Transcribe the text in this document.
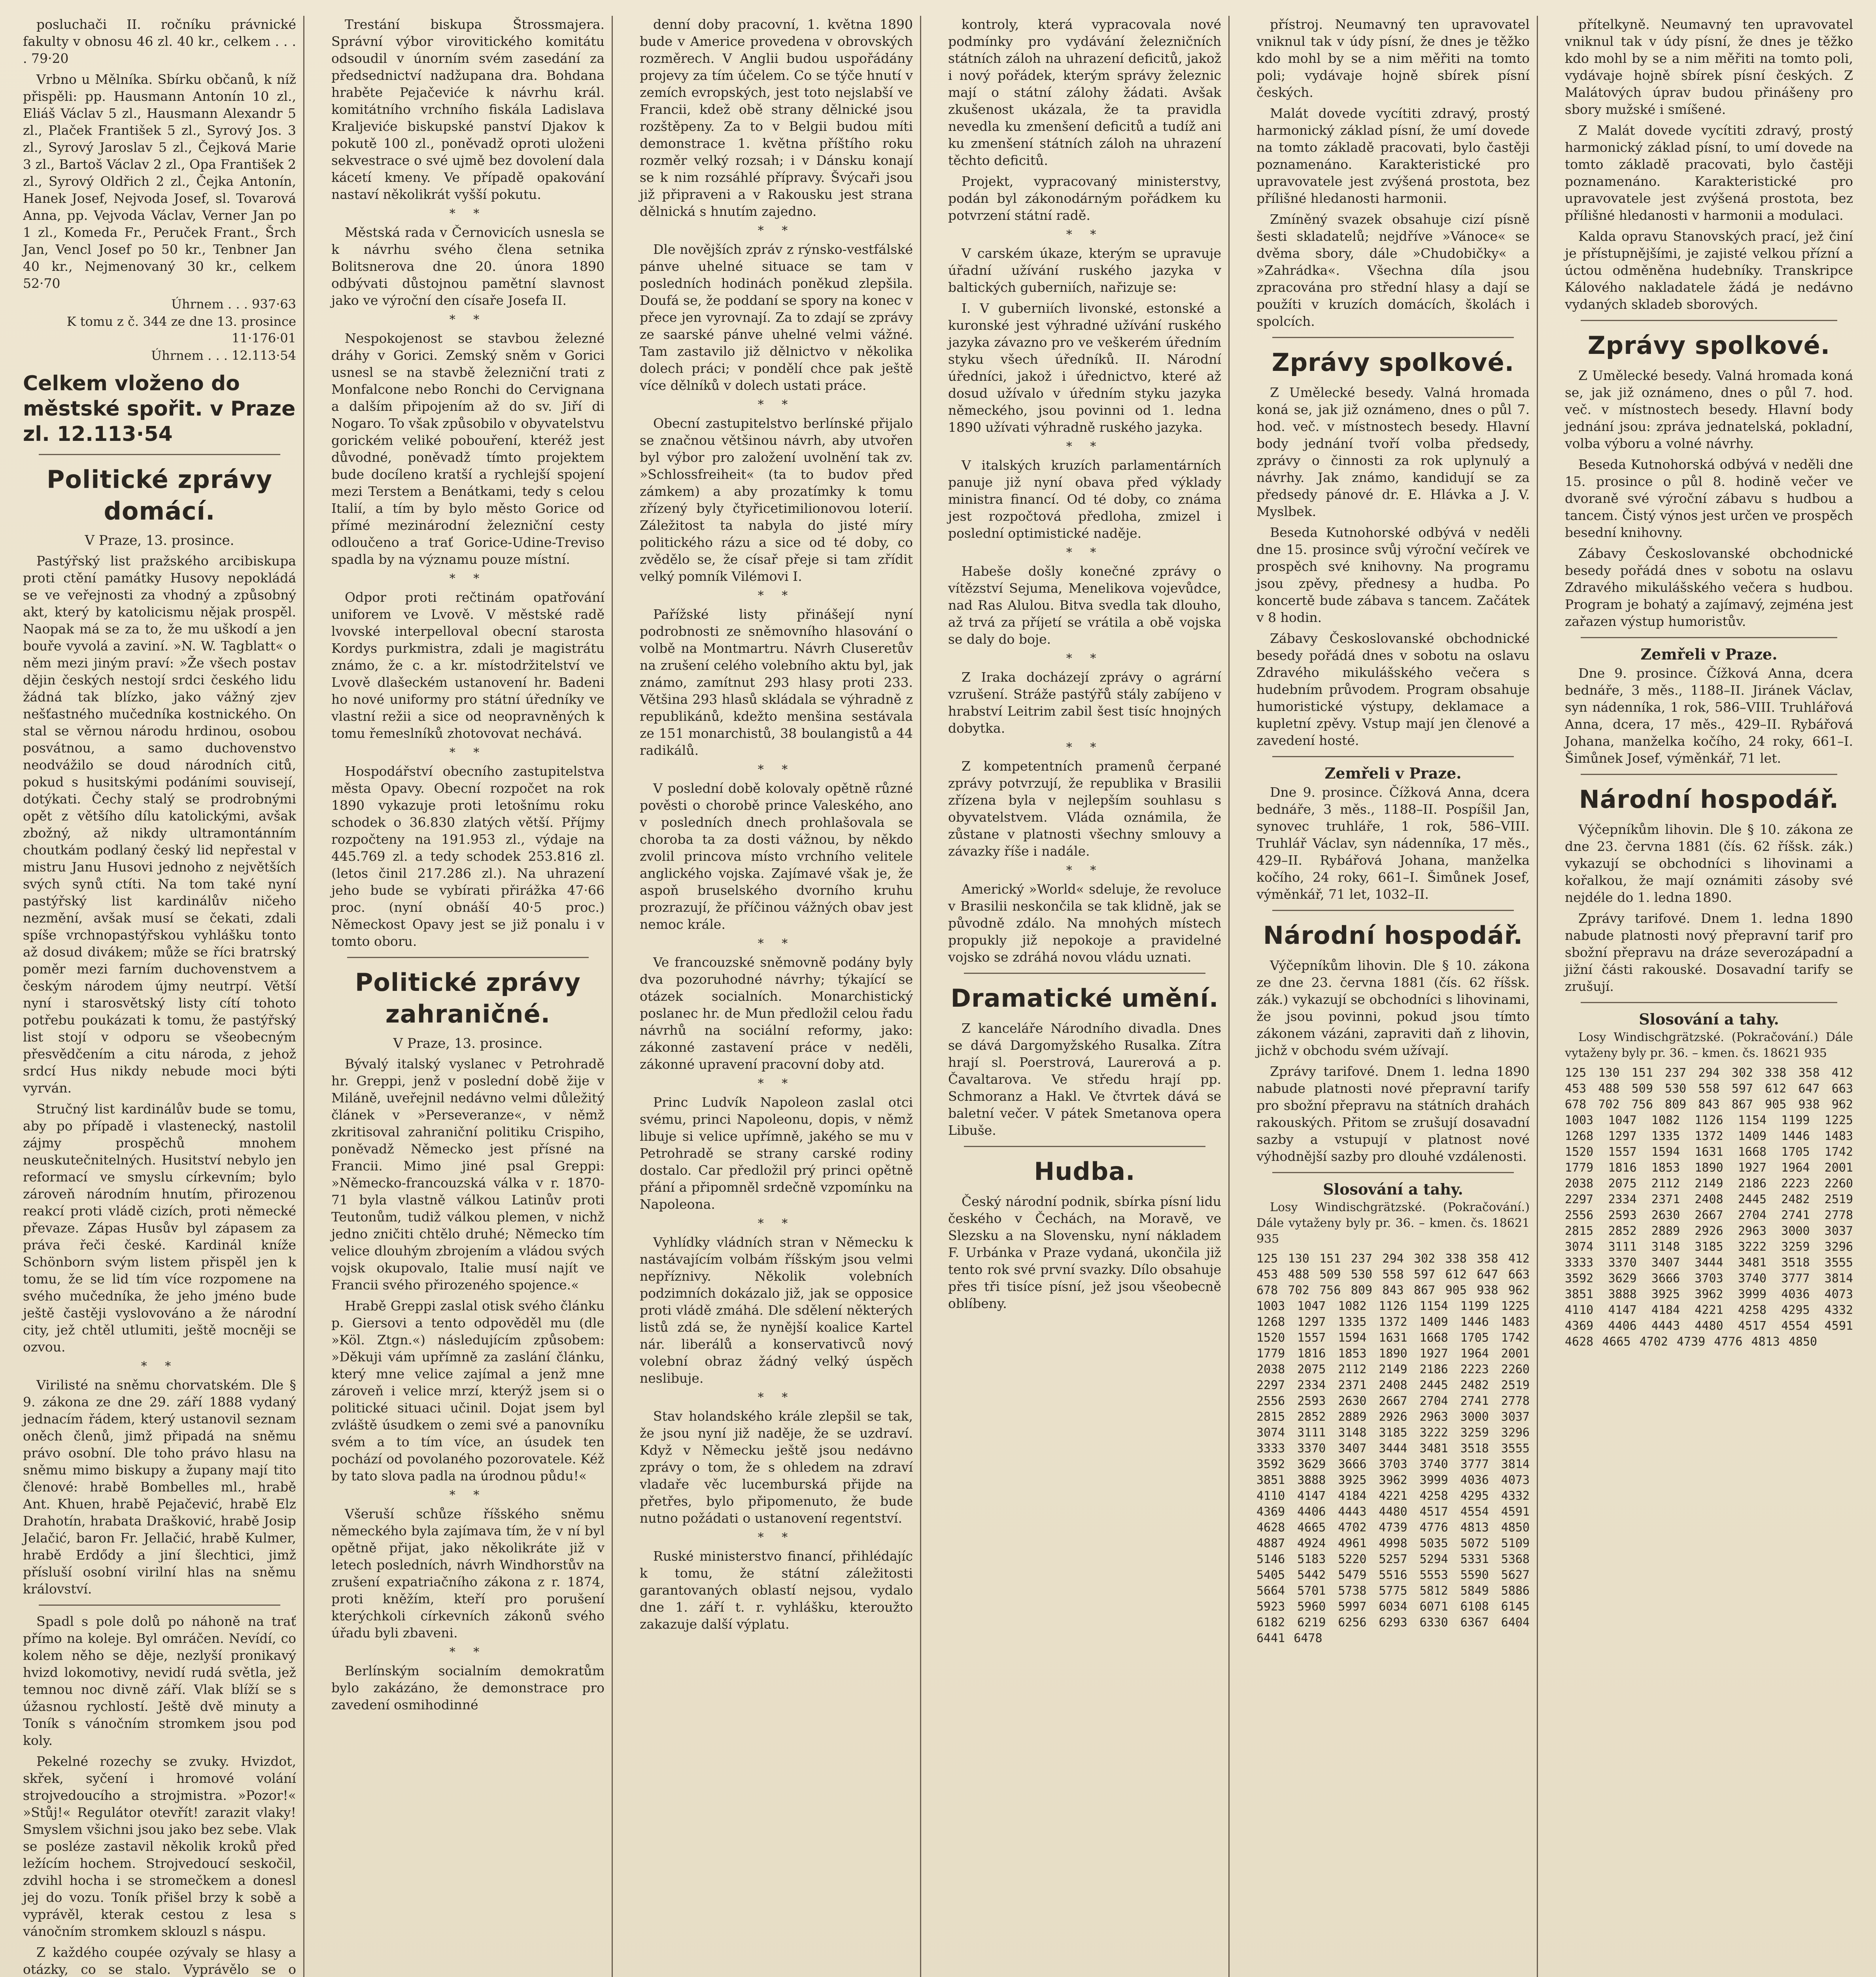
posluchači II. ročníku právnické fakulty v obnosu 46 zl. 40 kr., celkem . . . . 79·20

Vrbno u Mělníka. Sbírku občanů, k níž přispěli: pp. Hausmann Antonín 10 zl., Eliáš Václav 5 zl., Hausmann Alexandr 5 zl., Plaček František 5 zl., Syrový Jos. 3 zl., Syrový Jaroslav 5 zl., Čejková Marie 3 zl., Bartoš Václav 2 zl., Opa František 2 zl., Syrový Oldřich 2 zl., Čejka Antonín, Hanek Josef, Nejvoda Josef, sl. Tovarová Anna, pp. Vejvoda Václav, Verner Jan po 1 zl., Komeda Fr., Peruček Frant., Šrch Jan, Vencl Josef po 50 kr., Tenbner Jan 40 kr., Nejmenovaný 30 kr., celkem 52·70

Úhrnem . . . 937·63
K tomu z č. 344 ze dne 13. prosince 11·176·01
Úhrnem . . . 12.113·54
Celkem vloženo do městské spořit. v Praze zl. 12.113·54
Politické zprávy domácí.
V Praze, 13. prosince.

Pastýřský list pražského arcibiskupa proti ctění památky Husovy nepokládá se ve veřejnosti za vhodný a způsobný akt, který by katolicismu nějak prospěl. Naopak má se za to, že mu uškodí a jen bouře vyvolá a zaviní. »N. W. Tagblatt« o něm mezi jiným praví: »Že všech postav dějin českých nestojí srdci českého lidu žádná tak blízko, jako vážný zjev nešťastného mučedníka kostnického. On stal se věrnou národu hrdinou, osobou posvátnou, a samo duchovenstvo neodvážilo se doud národních citů, pokud s husitskými podáními souvisejí, dotýkati. Čechy stalý se prodrobnými opět z většího dílu katolickými, avšak zbožný, až nikdy ultramontánním choutkám podlaný český lid nepřestal v mistru Janu Husovi jednoho z největších svých synů ctíti. Na tom také nyní pastýřský list kardinálův ničeho nezmění, avšak musí se čekati, zdali spíše vrchnopastýřskou vyhlášku tonto až dosud divákem; může se říci bratrský poměr mezi farním duchovenstvem a českým národem újmy neutrpí. Větší nyní i starosvětský listy cítí tohoto potřebu poukázati k tomu, že pastýřský list stojí v odporu se všeobecným přesvědčením a citu národa, z jehož srdcí Hus nikdy nebude moci býti vyrván.

Stručný list kardinálův bude se tomu, aby po případě i vlastenecký, nastolil zájmy prospěchů mnohem neuskutečnitelných. Husitství nebylo jen reformací ve smyslu církevním; bylo zároveň národním hnutím, přirozenou reakcí proti vládě cizích, proti německé převaze. Zápas Husův byl zápasem za práva řeči české. Kardinál kníže Schönborn svým listem přispěl jen k tomu, že se lid tím více rozpomene na svého mučedníka, že jeho jméno bude ještě častěji vyslovováno a že národní city, jež chtěl utlumiti, ještě mocněji se ozvou.

* *

Virilisté na sněmu chorvatském. Dle § 9. zákona ze dne 29. září 1888 vydaný jednacím řádem, který ustanovil seznam oněch členů, jimž připadá na sněmu právo osobní. Dle toho právo hlasu na sněmu mimo biskupy a župany mají tito členové: hrabě Bombelles ml., hrabě Ant. Khuen, hrabě Pejačević, hrabě Elz Drahotín, hrabata Drašković, hrabě Josip Jelačić, baron Fr. Jellačić, hrabě Kulmer, hrabě Erdődy a jiní šlechtici, jimž přísluší osobní virilní hlas na sněmu království.

Spadl s pole dolů po náhoně na trať přímo na koleje. Byl omráčen. Nevídí, co kolem něho se děje, nezlyší pronikavý hvizd lokomotivy, nevidí rudá světla, jež temnou noc divně září. Vlak blíží se s úžasnou rychlostí. Ještě dvě minuty a Toník s vánočním stromkem jsou pod koly.

Pekelné rozechy se zvuky. Hvizdot, skřek, syčení i hromové volání strojvedoucího a strojmistra. »Pozor!« »Stůj!« Regulátor otevřít! zarazit vlaky! Smyslem všichni jsou jako bez sebe. Vlak se posléze zastavil několik kroků před ležícím hochem. Strojvedoucí seskočil, zdvihl hocha i se stromečkem a donesl jej do vozu. Toník přišel brzy k sobě a vyprávěl, kterak cestou z lesa s vánočním stromkem sklouzl s náspu.

Z každého coupée ozývaly se hlasy a otázky, co se stalo. Vyprávělo se o

Trestání biskupa Štrossmajera. Správní výbor virovitického komitátu odsoudil v únorním svém zasedání za předsednictví nadžupana dra. Bohdana hraběte Pejačeviće k návrhu král. komitátního vrchního fiskála Ladislava Kraljeviće biskupské panství Djakov k pokutě 100 zl., poněvadž oproti uloženi sekvestrace o své ujmě bez dovolení dala kácetí kmeny. Ve případě opakování nastaví několikrát vyšší pokutu.

* *

Městská rada v Černovicích usnesla se k návrhu svého člena setnika Bolitsnerova dne 20. února 1890 odbývati důstojnou pamětní slavnost jako ve výroční den císaře Josefa II.

* *

Nespokojenost se stavbou železné dráhy v Gorici. Zemský sněm v Gorici usnesl se na stavbě železniční trati z Monfalcone nebo Ronchi do Cervignana a dalším připojením až do sv. Jiří di Nogaro. To však způsobilo v obyvatelstvu gorickém veliké pobouření, kteréž jest důvodné, poněvadž tímto projektem bude docíleno kratší a rychlejší spojení mezi Terstem a Benátkami, tedy s celou Italií, a tím by bylo město Gorice od přímé mezinárodní železniční cesty odloučeno a trať Gorice-Udine-Treviso spadla by na významu pouze místní.

* *

Odpor proti rečtinám opatřování uniforem ve Lvově. V městské radě lvovské interpelloval obecní starosta Kordys purkmistra, zdali je magistrátu známo, že c. a kr. místodržitelství ve Lvově dlašeckém ustanovení hr. Badeni ho nové uniformy pro státní úředníky ve vlastní režii a sice od neopravněných k tomu řemeslníků zhotovovat nechává.

* *

Hospodářství obecního zastupitelstva města Opavy. Obecní rozpočet na rok 1890 vykazuje proti letošnímu roku schodek o 36.830 zlatých větší. Příjmy rozpočteny na 191.953 zl., výdaje na 445.769 zl. a tedy schodek 253.816 zl. (letos činil 217.286 zl.). Na uhrazení jeho bude se vybírati přirážka 47·66 proc. (nyní obnáší 40·5 proc.) Německost Opavy jest se již ponalu i v tomto oboru.

Politické zprávy zahraničné.
V Praze, 13. prosince.

Bývalý italský vyslanec v Petrohradě hr. Greppi, jenž v poslední době žije v Miláně, uveřejnil nedávno velmi důležitý článek v »Perseveranze«, v němž zkritisoval zahraniční politiku Crispiho, poněvadž Německo jest přísné na Francii. Mimo jiné psal Greppi: »Německo-francouzská válka v r. 1870-71 byla vlastně válkou Latinův proti Teutonům, tudiž válkou plemen, v nichž jedno zničiti chtělo druhé; Německo tím velice dlouhým zbrojením a vládou svých vojsk okupovalo, Italie musí najít ve Francii svého přirozeného spojence.«

Hrabě Greppi zaslal otisk svého článku p. Giersovi a tento odpověděl mu (dle »Köl. Ztgn.«) následujícím způsobem: »Děkuji vám upřímně za zaslání článku, který mne velice zajímal a jenž mne zároveň i velice mrzí, kterýž jsem si o politické situaci učinil. Dojat jsem byl zvláště úsudkem o zemi své a panovníku svém a to tím více, an úsudek ten pochází od povolaného pozorovatele. Kéž by tato slova padla na úrodnou půdu!«

* *

Všeruší schůze říšského sněmu německého byla zajímava tím, že v ní byl opětně přijat, jako několikráte již v letech posledních, návrh Windhorstův na zrušení expatriačního zákona z r. 1874, proti kněžím, kteří pro porušení kterýchkoli církevních zákonů svého úřadu byli zbaveni.

* *

Berlínským socialním demokratům bylo zakázáno, že demonstrace pro zavedení osmihodinné

denní doby pracovní, 1. května 1890 bude v Americe provedena v obrovských rozměrech. V Anglii budou uspořádány projevy za tím účelem. Co se týče hnutí v zemích evropských, jest toto nejslabší ve Francii, kdež obě strany dělnické jsou rozštěpeny. Za to v Belgii budou míti demonstrace 1. května příštího roku rozměr velký rozsah; i v Dánsku konají se k nim rozsáhlé přípravy. Švýcaři jsou již připraveni a v Rakousku jest strana dělnická s hnutím zajedno.

* *

Dle novějších zpráv z rýnsko-vestfálské pánve uhelné situace se tam v posledních hodinách poněkud zlepšila. Doufá se, že poddaní se spory na konec v přece jen vyrovnají. Za to zdají se zprávy ze saarské pánve uhelné velmi vážné. Tam zastavilo již dělnictvo v několika dolech práci; v pondělí chce pak ještě více dělníků v dolech ustati práce.

* *

Obecní zastupitelstvo berlínské přijalo se značnou většinou návrh, aby utvořen byl výbor pro založení uvolnění tak zv. »Schlossfreiheit« (ta to budov před zámkem) a aby prozatímky k tomu zřízený byly čtyřicetimilionovou loterií. Záležitost ta nabyla do jisté míry politického rázu a sice od té doby, co zvědělo se, že císař přeje si tam zřídit velký pomník Vilémovi I.

* *

Pařížské listy přinášejí nyní podrobnosti ze sněmovního hlasování o volbě na Montmartru. Návrh Cluseretův na zrušení celého volebního aktu byl, jak známo, zamítnut 293 hlasy proti 233. Většina 293 hlasů skládala se výhradně z republikánů, kdežto menšina sestávala ze 151 monarchistů, 38 boulangistů a 44 radikálů.

* *

V poslední době kolovaly opětně různé pověsti o chorobě prince Valeského, ano v posledních dnech prohlašovala se choroba ta za dosti vážnou, by někdo zvolil princova místo vrchního velitele anglického vojska. Zajímavé však je, že aspoň bruselského dvorního kruhu prozrazují, že příčinou vážných obav jest nemoc krále.

* *

Ve francouzské sněmovně podány byly dva pozoruhodné návrhy; týkající se otázek socialních. Monarchistický poslanec hr. de Mun předložil celou řadu návrhů na sociální reformy, jako: zákonné zastavení práce v neděli, zákonné upravení pracovní doby atd.

* *

Princ Ludvík Napoleon zaslal otci svému, princi Napoleonu, dopis, v němž libuje si velice upřímně, jakého se mu v Petrohradě se strany carské rodiny dostalo. Car předložil prý princi opětně přání a připomněl srdečně vzpomínku na Napoleona.

* *

Vyhlídky vládních stran v Německu k nastávajícím volbám říšským jsou velmi nepříznivy. Několik volebních podzimních dokázalo již, jak se opposice proti vládě zmáhá. Dle sdělení některých listů zdá se, že nynější koalice Kartel nár. liberálů a konservativců nový volební obraz žádný velký úspěch neslibuje.

* *

Stav holandského krále zlepšil se tak, že jsou nyní již naděje, že se uzdraví. Když v Německu ještě jsou nedávno zprávy o tom, že s ohledem na zdraví vladaře věc lucemburská přijde na přetřes, bylo připomenuto, že bude nutno požádati o ustanovení regentství.

* *

Ruské ministerstvo financí, přihlédajíc k tomu, že státní záležitosti garantovaných oblastí nejsou, vydalo dne 1. září t. r. vyhlášku, kteroužto zakazuje další výplatu.

kontroly, která vypracovala nové podmínky pro vydávání železničních státních záloh na uhrazení deficitů, jakož i nový pořádek, kterým správy železnic mají o státní zálohy žádati. Avšak zkušenost ukázala, že ta pravidla nevedla ku zmenšení deficitů a tudíž ani ku zmenšení státních záloh na uhrazení těchto deficitů.

Projekt, vypracovaný ministerstvy, podán byl zákonodárným pořádkem ku potvrzení státní radě.

* *

V carském úkaze, kterým se upravuje úřadní užívání ruského jazyka v baltických guberniích, nařizuje se:

I. V guberniích livonské, estonské a kuronské jest výhradné užívání ruského jazyka závazno pro ve veškerém úředním styku všech úředníků. II. Národní úředníci, jakož i úřednictvo, které až dosud užívalo v úředním styku jazyka německého, jsou povinni od 1. ledna 1890 užívati výhradně ruského jazyka.

* *

V italských kruzích parlamentárních panuje již nyní obava před výklady ministra financí. Od té doby, co známa jest rozpočtová předloha, zmizel i poslední optimistické naděje.

* *

Habeše došly konečné zprávy o vítězství Sejuma, Menelikova vojevůdce, nad Ras Alulou. Bitva svedla tak dlouho, až trvá za příjetí se vrátila a obě vojska se daly do boje.

* *

Z Iraka docházejí zprávy o agrární vzrušení. Stráže pastýřů stály zabíjeno v hrabství Leitrim zabil šest tisíc hnojných dobytka.

* *

Z kompetentních pramenů čerpané zprávy potvrzují, že republika v Brasilii zřízena byla v nejlepším souhlasu s obyvatelstvem. Vláda oznámila, že zůstane v platnosti všechny smlouvy a závazky říše i nadále.

* *

Americký »World« sdeluje, že revoluce v Brasilii neskončila se tak klidně, jak se původně zdálo. Na mnohých místech propukly již nepokoje a pravidelné vojsko se zdráhá novou vládu uznati.

Dramatické umění.

Z kanceláře Národního divadla. Dnes se dává Dargomyžského Rusalka. Zítra hrají sl. Poerstrová, Laurerová a p. Čavaltarova. Ve středu hrají pp. Schmoranz a Hakl. Ve čtvrtek dává se baletní večer. V pátek Smetanova opera Libuše.

Hudba.

Český národní podnik, sbírka písní lidu českého v Čechách, na Moravě, ve Slezsku a na Slovensku, nyní nákladem F. Urbánka v Praze vydaná, ukončila již tento rok své první svazky. Dílo obsahuje přes tři tisíce písní, jež jsou všeobecně oblíbeny.

přístroj. Neumavný ten upravovatel vniknul tak v údy písní, že dnes je těžko kdo mohl by se a nim měřiti na tomto poli; vydávaje hojně sbírek písní českých.

Malát dovede vycítiti zdravý, prostý harmonický základ písní, že umí dovede na tomto základě pracovati, bylo častěji poznamenáno. Karakteristické pro upravovatele jest zvýšená prostota, bez přílišné hledanosti harmonii.

Zmíněný svazek obsahuje cizí písně šesti skladatelů; nejdříve »Vánoce« se dvěma sbory, dále »Chudobičky« a »Zahrádka«. Všechna díla jsou zpracována pro střední hlasy a dají se použíti v kruzích domácích, školách i spolcích.

Zprávy spolkové.

Z Umělecké besedy. Valná hromada koná se, jak již oznámeno, dnes o půl 7. hod. več. v místnostech besedy. Hlavní body jednání tvoří volba předsedy, zprávy o činnosti za rok uplynulý a návrhy. Jak známo, kandidují se za předsedy pánové dr. E. Hlávka a J. V. Myslbek.

Beseda Kutnohorské odbývá v neděli dne 15. prosince svůj výroční večírek ve prospěch své knihovny. Na programu jsou zpěvy, přednesy a hudba. Po koncertě bude zábava s tancem. Začátek v 8 hodin.

Zábavy Českoslovanské obchodnické besedy pořádá dnes v sobotu na oslavu Zdravého mikulášského večera s hudebním průvodem. Program obsahuje humoristické výstupy, deklamace a kupletní zpěvy. Vstup mají jen členové a zavedení hosté.

Zemřeli v Praze.

Dne 9. prosince. Čížková Anna, dcera bednáře, 3 měs., 1188–II. Pospíšil Jan, synovec truhláře, 1 rok, 586–VIII. Truhlář Václav, syn nádenníka, 17 měs., 429–II. Rybářová Johana, manželka kočího, 24 roky, 661–I. Šimůnek Josef, výměnkář, 71 let, 1032–II.

Národní hospodář.

Výčepníkům lihovin. Dle § 10. zákona ze dne 23. června 1881 (čís. 62 říšsk. zák.) vykazují se obchodníci s lihovinami, že jsou povinni, pokud jsou tímto zákonem vázáni, zapraviti daň z lihovin, jichž v obchodu svém užívají.

Zprávy tarifové. Dnem 1. ledna 1890 nabude platnosti nové přepravní tarify pro sbožní přepravu na státních drahách rakouských. Přitom se zrušují dosavadní sazby a vstupují v platnost nové výhodnější sazby pro dlouhé vzdálenosti.

Slosování a tahy.

Losy Windischgrätzské. (Pokračování.) Dále vytaženy byly pr. 36. – kmen. čs. 18621 935

125 130 151 237 294 302 338 358 412 453 488 509 530 558 597 612 647 663 678 702 756 809 843 867 905 938 962 1003 1047 1082 1126 1154 1199 1225 1268 1297 1335 1372 1409 1446 1483 1520 1557 1594 1631 1668 1705 1742 1779 1816 1853 1890 1927 1964 2001 2038 2075 2112 2149 2186 2223 2260 2297 2334 2371 2408 2445 2482 2519 2556 2593 2630 2667 2704 2741 2778 2815 2852 2889 2926 2963 3000 3037 3074 3111 3148 3185 3222 3259 3296 3333 3370 3407 3444 3481 3518 3555 3592 3629 3666 3703 3740 3777 3814 3851 3888 3925 3962 3999 4036 4073 4110 4147 4184 4221 4258 4295 4332 4369 4406 4443 4480 4517 4554 4591 4628 4665 4702 4739 4776 4813 4850 4887 4924 4961 4998 5035 5072 5109 5146 5183 5220 5257 5294 5331 5368 5405 5442 5479 5516 5553 5590 5627 5664 5701 5738 5775 5812 5849 5886 5923 5960 5997 6034 6071 6108 6145 6182 6219 6256 6293 6330 6367 6404 6441 6478

přítelkyně. Neumavný ten upravovatel vniknul tak v údy písní, že dnes je těžko kdo mohl by se a nim měřiti na tomto poli, vydávaje hojně sbírek písní českých. Z Malátových úprav budou přinášeny pro sbory mužské i smíšené.

Z Malát dovede vycítiti zdravý, prostý harmonický základ písní, to umí dovede na tomto základě pracovati, bylo častěji poznamenáno. Karakteristické pro upravovatele jest zvýšená prostota, bez přílišné hledanosti v harmonii a modulaci.

Kalda opravu Stanovských prací, jež činí je přístupnějšími, je zajisté velkou přízní a úctou odměněna hudebníky. Transkripce Kálového nakladatele žádá je nedávno vydaných skladeb sborových.

Zprávy spolkové.

Z Umělecké besedy. Valná hromada koná se, jak již oznámeno, dnes o půl 7. hod. več. v místnostech besedy. Hlavní body jednání jsou: zpráva jednatelská, pokladní, volba výboru a volné návrhy.

Beseda Kutnohorská odbývá v neděli dne 15. prosince o půl 8. hodině večer ve dvoraně své výroční zábavu s hudbou a tancem. Čistý výnos jest určen ve prospěch besední knihovny.

Zábavy Českoslovanské obchodnické besedy pořádá dnes v sobotu na oslavu Zdravého mikulášského večera s hudbou. Program je bohatý a zajímavý, zejména jest zařazen výstup humoristův.

Zemřeli v Praze.

Dne 9. prosince. Čížková Anna, dcera bednáře, 3 měs., 1188–II. Jiránek Václav, syn nádenníka, 1 rok, 586–VIII. Truhlářová Anna, dcera, 17 měs., 429–II. Rybářová Johana, manželka kočího, 24 roky, 661–I. Šimůnek Josef, výměnkář, 71 let.

Národní hospodář.

Výčepníkům lihovin. Dle § 10. zákona ze dne 23. června 1881 (čís. 62 říšsk. zák.) vykazují se obchodníci s lihovinami a kořalkou, že mají oznámiti zásoby své nejdéle do 1. ledna 1890.

Zprávy tarifové. Dnem 1. ledna 1890 nabude platnosti nový přepravní tarif pro sbožní přepravu na dráze severozápadní a jižní části rakouské. Dosavadní tarify se zrušují.

Slosování a tahy.

Losy Windischgrätzské. (Pokračování.) Dále vytaženy byly pr. 36. – kmen. čs. 18621 935

125 130 151 237 294 302 338 358 412 453 488 509 530 558 597 612 647 663 678 702 756 809 843 867 905 938 962 1003 1047 1082 1126 1154 1199 1225 1268 1297 1335 1372 1409 1446 1483 1520 1557 1594 1631 1668 1705 1742 1779 1816 1853 1890 1927 1964 2001 2038 2075 2112 2149 2186 2223 2260 2297 2334 2371 2408 2445 2482 2519 2556 2593 2630 2667 2704 2741 2778 2815 2852 2889 2926 2963 3000 3037 3074 3111 3148 3185 3222 3259 3296 3333 3370 3407 3444 3481 3518 3555 3592 3629 3666 3703 3740 3777 3814 3851 3888 3925 3962 3999 4036 4073 4110 4147 4184 4221 4258 4295 4332 4369 4406 4443 4480 4517 4554 4591 4628 4665 4702 4739 4776 4813 4850
